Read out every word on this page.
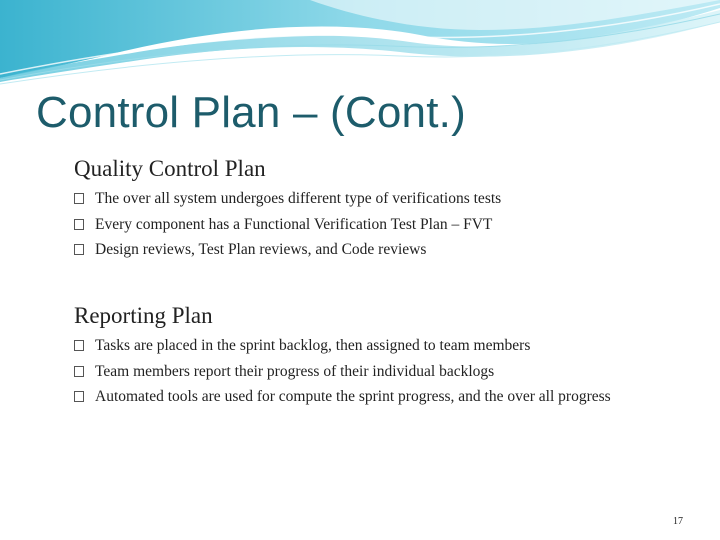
Control Plan – (Cont.)
Quality Control Plan
The over all system undergoes different type of verifications tests
Every component has a Functional Verification Test Plan – FVT
Design reviews, Test Plan reviews, and Code reviews
Reporting Plan
Tasks are placed in the sprint backlog, then assigned to team members
Team members report their progress of their individual backlogs
Automated tools are used for compute the sprint progress, and the over all progress
17
